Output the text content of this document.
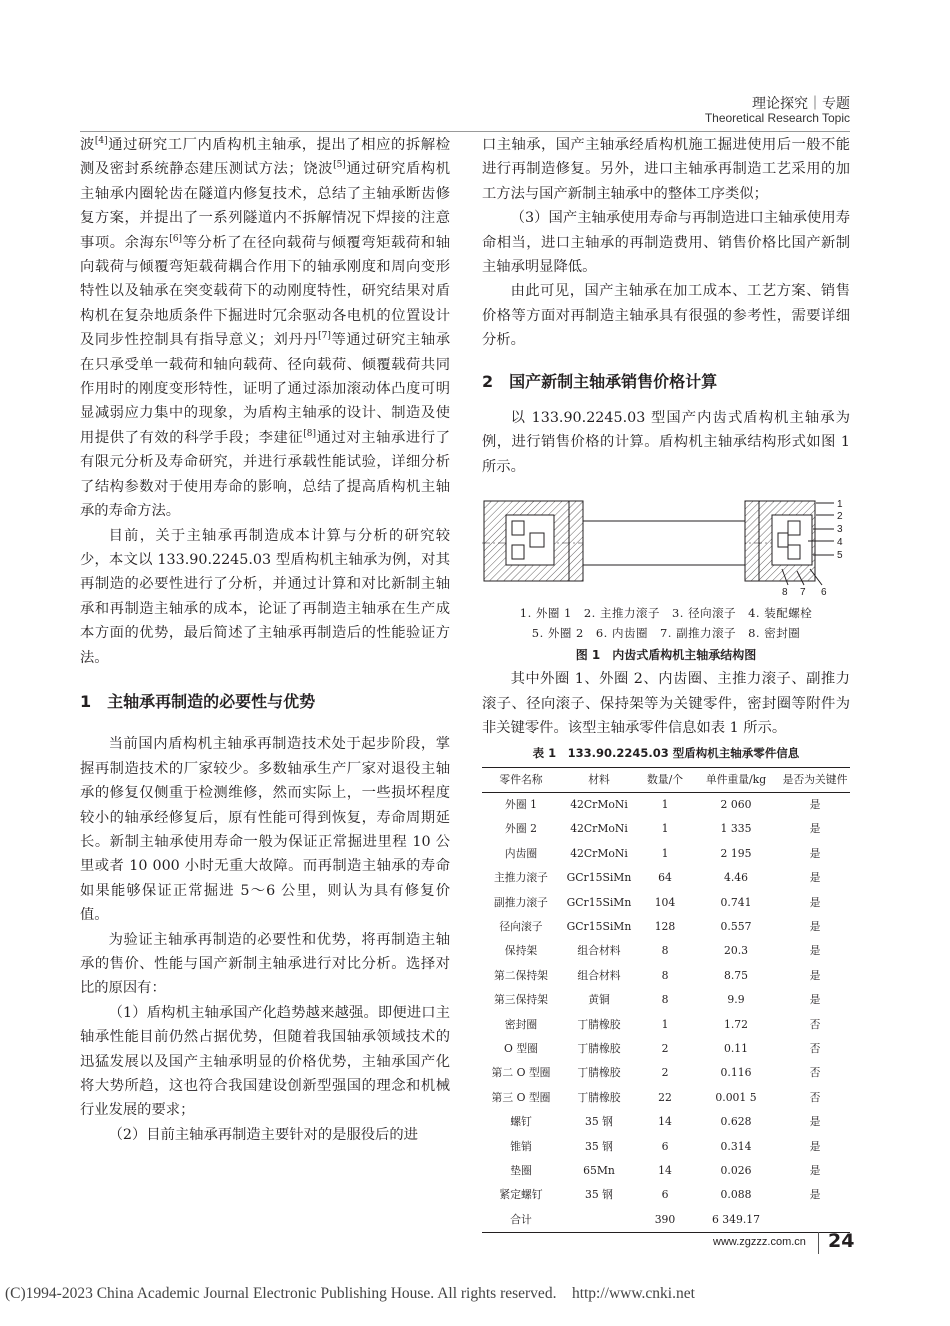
理论探究｜专题
Theoretical Research Topic

波[4]通过研究工厂内盾构机主轴承，提出了相应的拆解检测及密封系统静态建压测试方法；饶波[5]通过研究盾构机主轴承内圈轮齿在隧道内修复技术，总结了主轴承断齿修复方案，并提出了一系列隧道内不拆解情况下焊接的注意事项。余海东[6]等分析了在径向载荷与倾覆弯矩载荷和轴向载荷与倾覆弯矩载荷耦合作用下的轴承刚度和周向变形特性以及轴承在突变载荷下的动刚度特性，研究结果对盾构机在复杂地质条件下掘进时冗余驱动各电机的位置设计及同步性控制具有指导意义；刘丹丹[7]等通过研究主轴承在只承受单一载荷和轴向载荷、径向载荷、倾覆载荷共同作用时的刚度变形特性，证明了通过添加滚动体凸度可明显减弱应力集中的现象，为盾构主轴承的设计、制造及使用提供了有效的科学手段；李建征[8]通过对主轴承进行了有限元分析及寿命研究，并进行承载性能试验，详细分析了结构参数对于使用寿命的影响，总结了提高盾构机主轴承的寿命方法。

目前，关于主轴承再制造成本计算与分析的研究较少，本文以 133.90.2245.03 型盾构机主轴承为例，对其再制造的必要性进行了分析，并通过计算和对比新制主轴承和再制造主轴承的成本，论证了再制造主轴承在生产成本方面的优势，最后简述了主轴承再制造后的性能验证方法。

1　主轴承再制造的必要性与优势

当前国内盾构机主轴承再制造技术处于起步阶段，掌握再制造技术的厂家较少。多数轴承生产厂家对退役主轴承的修复仅侧重于检测维修，然而实际上，一些损坏程度较小的轴承经修复后，原有性能可得到恢复，寿命周期延长。新制主轴承使用寿命一般为保证正常掘进里程 10 公里或者 10 000 小时无重大故障。而再制造主轴承的寿命如果能够保证正常掘进 5～6 公里，则认为具有修复价值。

为验证主轴承再制造的必要性和优势，将再制造主轴承的售价、性能与国产新制主轴承进行对比分析。选择对比的原因有：

（1）盾构机主轴承国产化趋势越来越强。即便进口主轴承性能目前仍然占据优势，但随着我国轴承领域技术的迅猛发展以及国产主轴承明显的价格优势，主轴承国产化将大势所趋，这也符合我国建设创新型强国的理念和机械行业发展的要求；

（2）目前主轴承再制造主要针对的是服役后的进

口主轴承，国产主轴承经盾构机施工掘进使用后一般不能进行再制造修复。另外，进口主轴承再制造工艺采用的加工方法与国产新制主轴承中的整体工序类似；

（3）国产主轴承使用寿命与再制造进口主轴承使用寿命相当，进口主轴承的再制造费用、销售价格比国产新制主轴承明显降低。

由此可见，国产主轴承在加工成本、工艺方案、销售价格等方面对再制造主轴承具有很强的参考性，需要详细分析。

2　国产新制主轴承销售价格计算

以 133.90.2245.03 型国产内齿式盾构机主轴承为例，进行销售价格的计算。盾构机主轴承结构形式如图 1 所示。

1
2
3
4
5
8 7 6
1. 外圈 1　2. 主推力滚子　3. 径向滚子　4. 装配螺栓
5. 外圈 2　6. 内齿圈　7. 副推力滚子　8. 密封圈
图 1　内齿式盾构机主轴承结构图

其中外圈 1、外圈 2、内齿圈、主推力滚子、副推力滚子、径向滚子、保持架等为关键零件，密封圈等附件为非关键零件。该型主轴承零件信息如表 1 所示。

表 1　133.90.2245.03 型盾构机主轴承零件信息
零件名称	材料	数量/个	单件重量/kg	是否为关键件
外圈 1	42CrMoNi	1	2 060	是
外圈 2	42CrMoNi	1	1 335	是
内齿圈	42CrMoNi	1	2 195	是
主推力滚子	GCr15SiMn	64	4.46	是
副推力滚子	GCr15SiMn	104	0.741	是
径向滚子	GCr15SiMn	128	0.557	是
保持架	组合材料	8	20.3	是
第二保持架	组合材料	8	8.75	是
第三保持架	黄铜	8	9.9	是
密封圈	丁腈橡胶	1	1.72	否
O 型圈	丁腈橡胶	2	0.11	否
第二 O 型圈	丁腈橡胶	2	0.116	否
第三 O 型圈	丁腈橡胶	22	0.001 5	否
螺钉	35 钢	14	0.628	是
锥销	35 钢	6	0.314	是
垫圈	65Mn	14	0.026	是
紧定螺钉	35 钢	6	0.088	是
合计		390	6 349.17	
www.zgzzz.com.cn 24
(C)1994-2023 China Academic Journal Electronic Publishing House. All rights reserved.　http://www.cnki.net
